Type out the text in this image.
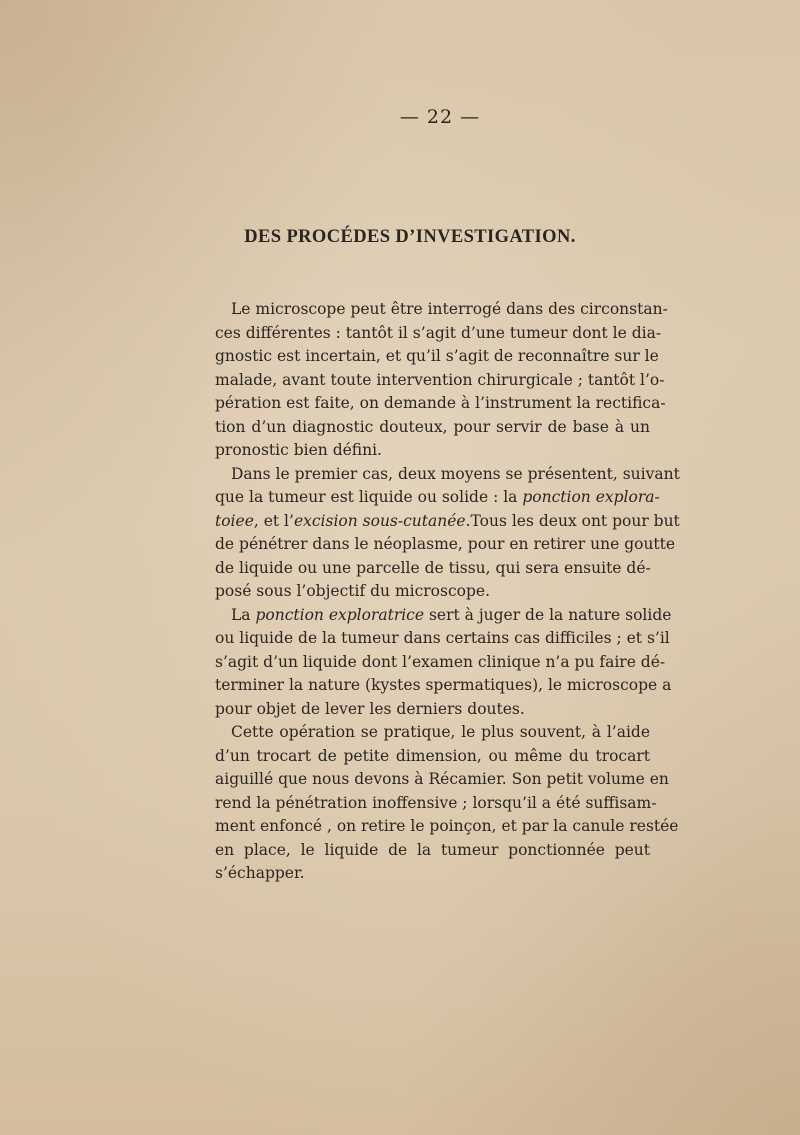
— 22 —
DES PROCÉDES D’INVESTIGATION.
Le microscope peut être interrogé dans des circonstan-
ces différentes : tantôt il s’agit d’une tumeur dont le dia-
gnostic est incertain, et qu’il s’agit de reconnaître sur le
malade, avant toute intervention chirurgicale ; tantôt l’o-
pération est faite, on demande à l’instrument la rectifica-
tion d’un diagnostic douteux, pour servir de base à un
pronostic bien défini.
Dans le premier cas, deux moyens se présentent, suivant
que la tumeur est liquide ou solide : la ponction explora-
toiee, et l’excision sous-cutanée.Tous les deux ont pour but
de pénétrer dans le néoplasme, pour en retirer une goutte
de liquide ou une parcelle de tissu, qui sera ensuite dé-
posé sous l’objectif du microscope.
La ponction exploratrice sert à juger de la nature solide
ou liquide de la tumeur dans certains cas difficiles ; et s’il
s’agit d’un liquide dont l’examen clinique n’a pu faire dé-
terminer la nature (kystes spermatiques), le microscope a
pour objet de lever les derniers doutes.
Cette opération se pratique, le plus souvent, à l’aide
d’un trocart de petite dimension, ou même du trocart
aiguillé que nous devons à Récamier. Son petit volume en
rend la pénétration inoffensive ; lorsqu’il a été suffisam-
ment enfoncé , on retire le poinçon, et par la canule restée
en place, le liquide de la tumeur ponctionnée peut
s’échapper.
